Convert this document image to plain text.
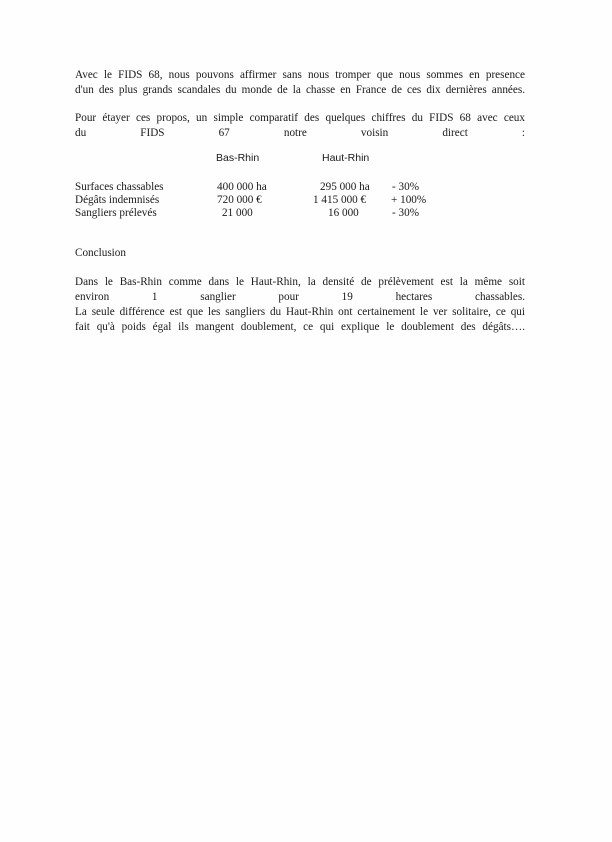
Avec le FIDS 68, nous pouvons affirmer sans nous tromper que nous sommes en presence
d'un des plus grands scandales du monde de la chasse en France de ces dix dernières années.
Pour étayer ces propos, un simple comparatif des quelques chiffres du FIDS 68 avec ceux
du FIDS 67 notre voisin direct :
Bas-Rhin	Haut-Rhin
Surfaces chassables	400 000 ha	295 000 ha - 30%
Dégâts indemnisés	720 000 €	1 415 000 € + 100%
Sangliers prélevés	21 000	16 000	- 30%
Conclusion
Dans le Bas-Rhin comme dans le Haut-Rhin, la densité de prélèvement est la même soit
environ 1 sanglier pour 19 hectares chassables.
La seule différence est que les sangliers du Haut-Rhin ont certainement le ver solitaire, ce qui
fait qu'à poids égal ils mangent doublement, ce qui explique le doublement des dégâts….
